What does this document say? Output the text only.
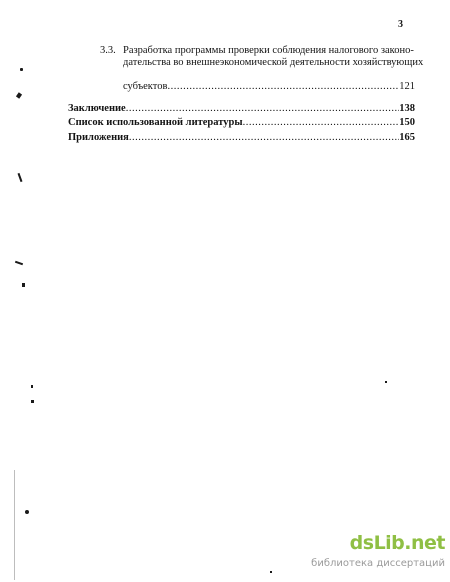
3
3.3. Разработка программы проверки соблюдения налогового законо-
дательства во внешнеэкономической деятельности хозяйствующих
субъектов .....	121
Заключение .....	138
Список использованной литературы .....	150
Приложения .....	165
dsLib.net
библиотека диссертаций
